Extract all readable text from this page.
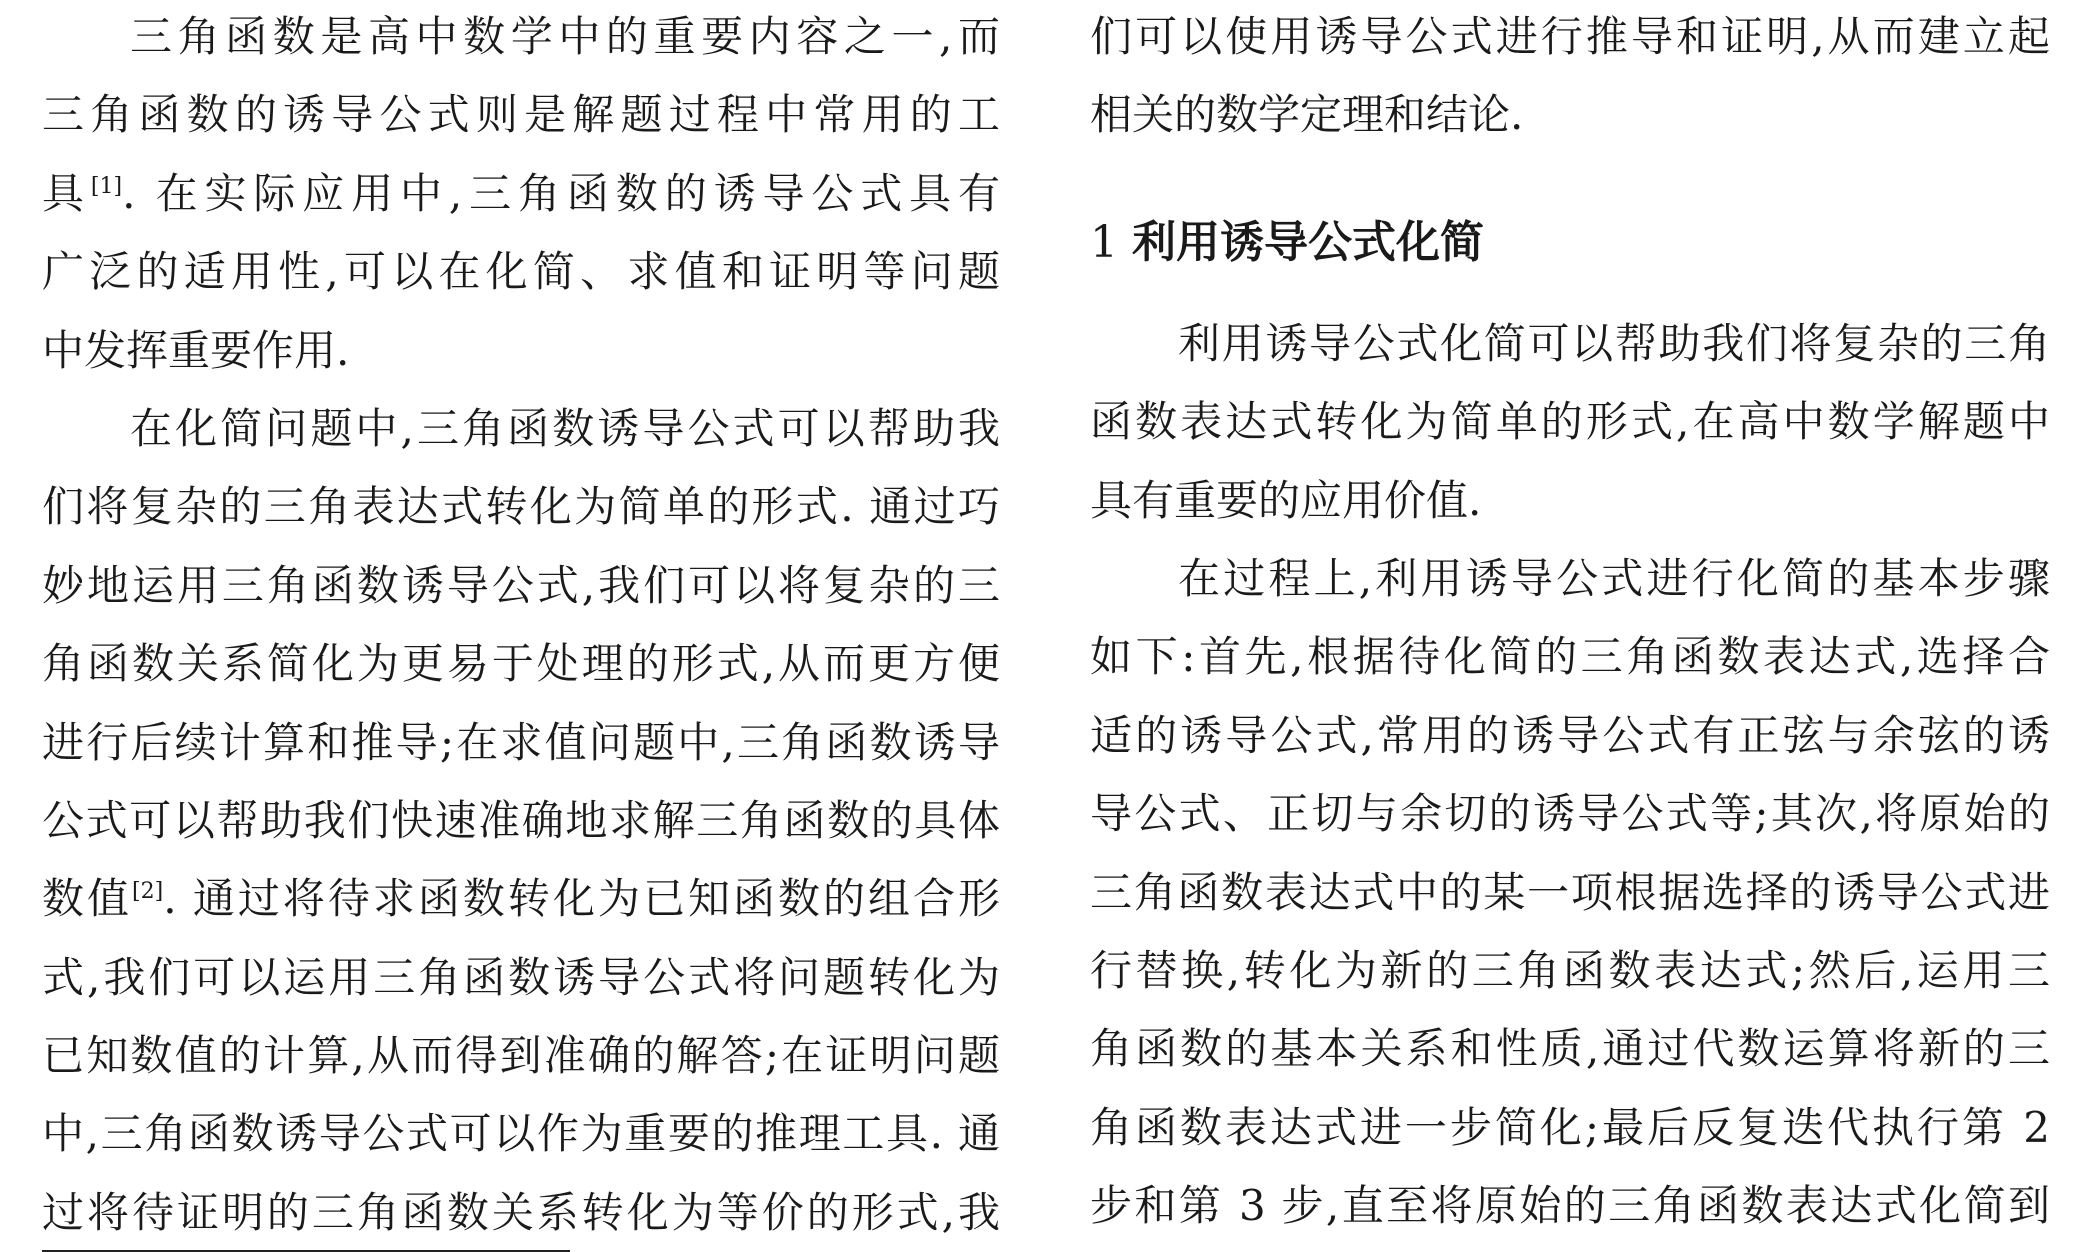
三角函数是高中数学中的重要内容之一,而
三角函数的诱导公式则是解题过程中常用的工
具[1]. 在实际应用中,三角函数的诱导公式具有
广泛的适用性,可以在化简、求值和证明等问题
中发挥重要作用.
在化简问题中,三角函数诱导公式可以帮助我
们将复杂的三角表达式转化为简单的形式. 通过巧
妙地运用三角函数诱导公式,我们可以将复杂的三
角函数关系简化为更易于处理的形式,从而更方便
进行后续计算和推导;在求值问题中,三角函数诱导
公式可以帮助我们快速准确地求解三角函数的具体
数值[2]. 通过将待求函数转化为已知函数的组合形
式,我们可以运用三角函数诱导公式将问题转化为
已知数值的计算,从而得到准确的解答;在证明问题
中,三角函数诱导公式可以作为重要的推理工具. 通
过将待证明的三角函数关系转化为等价的形式,我
们可以使用诱导公式进行推导和证明,从而建立起
相关的数学定理和结论.
1 利用诱导公式化简
利用诱导公式化简可以帮助我们将复杂的三角
函数表达式转化为简单的形式,在高中数学解题中
具有重要的应用价值.
在过程上,利用诱导公式进行化简的基本步骤
如下:首先,根据待化简的三角函数表达式,选择合
适的诱导公式,常用的诱导公式有正弦与余弦的诱
导公式、正切与余切的诱导公式等;其次,将原始的
三角函数表达式中的某一项根据选择的诱导公式进
行替换,转化为新的三角函数表达式;然后,运用三
角函数的基本关系和性质,通过代数运算将新的三
角函数表达式进一步简化;最后反复迭代执行第 2
步和第 3 步,直至将原始的三角函数表达式化简到
